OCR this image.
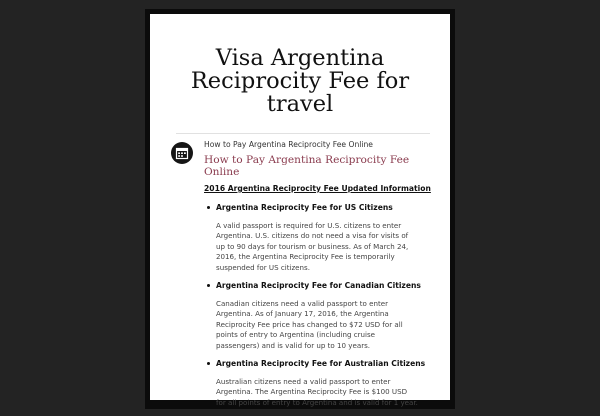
Visa Argentina
Reciprocity Fee for
travel
How to Pay Argentina Reciprocity Fee Online
How to Pay Argentina Reciprocity Fee
Online
2016 Argentina Reciprocity Fee Updated Information
Argentina Reciprocity Fee for US Citizens

A valid passport is required for U.S. citizens to enter
Argentina. U.S. citizens do not need a visa for visits of
up to 90 days for tourism or business. As of March 24,
2016, the Argentina Reciprocity Fee is temporarily
suspended for US citizens.

Argentina Reciprocity Fee for Canadian Citizens

Canadian citizens need a valid passport to enter
Argentina. As of January 17, 2016, the Argentina
Reciprocity Fee price has changed to $72 USD for all
points of entry to Argentina (including cruise
passengers) and is valid for up to 10 years.

Argentina Reciprocity Fee for Australian Citizens

Australian citizens need a valid passport to enter
Argentina. The Argentina Reciprocity Fee is $100 USD
for all points of entry to Argentina and is valid for 1 year.
